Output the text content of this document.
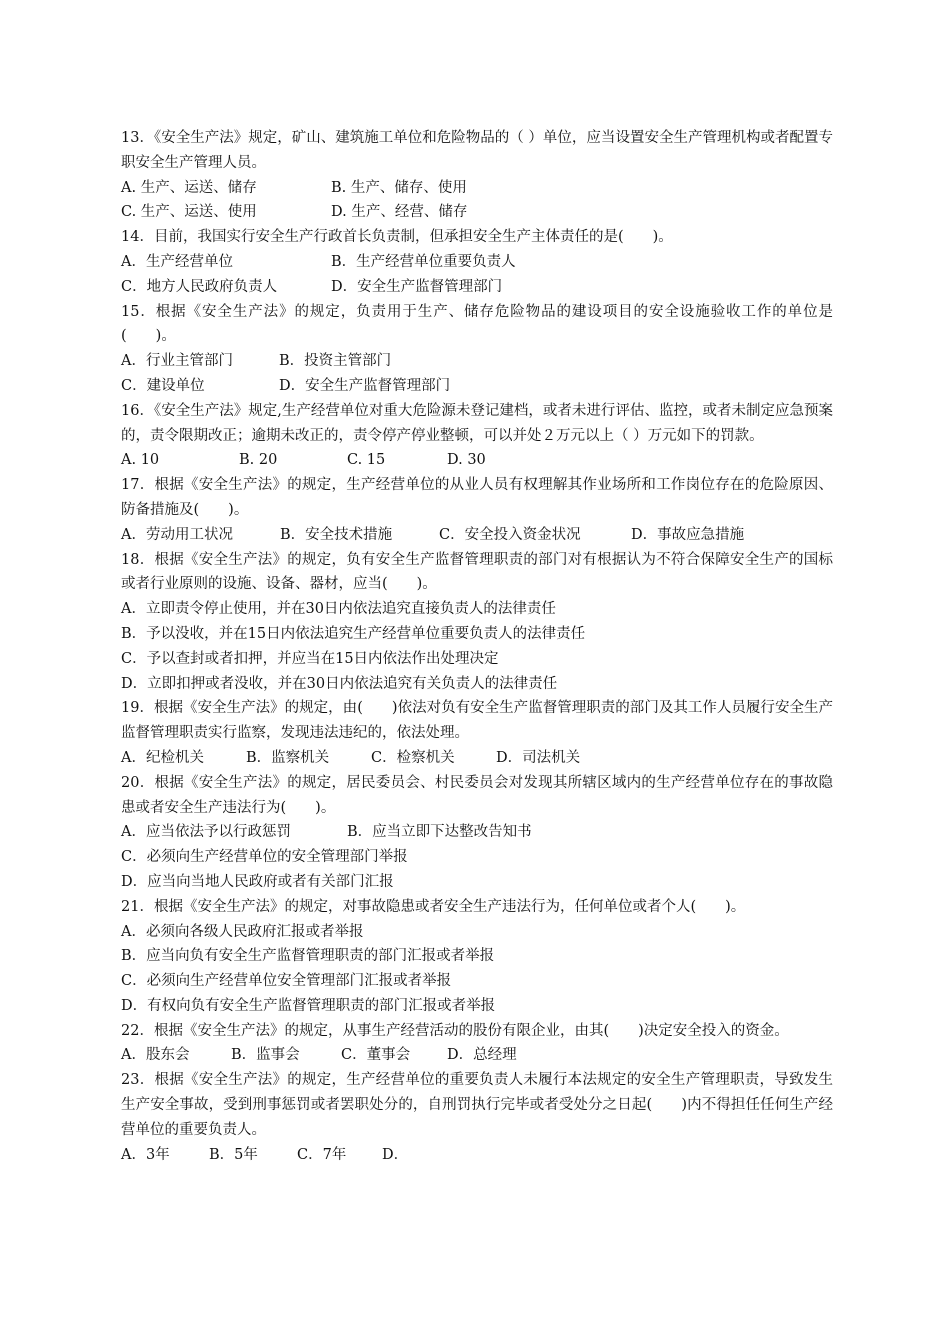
13．《安全生产法》规定，矿山、建筑施工单位和危险物品的（ ）单位，应当设置安全生产管理机构或者配置专职安全生产管理人员。

A. 生产、运送、储存	B. 生产、储存、使用
C. 生产、运送、使用	D. 生产、经营、储存

14．目前，我国实行安全生产行政首长负责制，但承担安全生产主体责任的是(　　)。

A．生产经营单位	B．生产经营单位重要负责人
C．地方人民政府负责人	D．安全生产监督管理部门

15．根据《安全生产法》的规定，负责用于生产、储存危险物品的建设项目的安全设施验收工作的单位是(　　)。

A．行业主管部门	B．投资主管部门
C．建设单位	D．安全生产监督管理部门

16．《安全生产法》规定,生产经营单位对重大危险源未登记建档，或者未进行评估、监控，或者未制定应急预案的，责令限期改正；逾期未改正的，责令停产停业整顿，可以并处２万元以上（ ）万元如下的罚款。

A. 10	B. 20	C. 15	D. 30

17．根据《安全生产法》的规定，生产经营单位的从业人员有权理解其作业场所和工作岗位存在的危险原因、防备措施及(　　)。

A．劳动用工状况	B．安全技术措施	C．安全投入资金状况	D．事故应急措施

18．根据《安全生产法》的规定，负有安全生产监督管理职责的部门对有根据认为不符合保障安全生产的国标或者行业原则的设施、设备、器材，应当(　　)。

A．立即责令停止使用，并在30日内依法追究直接负责人的法律责任
B．予以没收，并在15日内依法追究生产经营单位重要负责人的法律责任
C．予以查封或者扣押，并应当在15日内依法作出处理决定
D．立即扣押或者没收，并在30日内依法追究有关负责人的法律责任

19．根据《安全生产法》的规定，由(　　)依法对负有安全生产监督管理职责的部门及其工作人员履行安全生产监督管理职责实行监察，发现违法违纪的，依法处理。

A．纪检机关	B．监察机关	C．检察机关	D．司法机关

20．根据《安全生产法》的规定，居民委员会、村民委员会对发现其所辖区域内的生产经营单位存在的事故隐患或者安全生产违法行为(　　)。

A．应当依法予以行政惩罚	B．应当立即下达整改告知书
C．必须向生产经营单位的安全管理部门举报
D．应当向当地人民政府或者有关部门汇报

21．根据《安全生产法》的规定，对事故隐患或者安全生产违法行为，任何单位或者个人(　　)。

A．必须向各级人民政府汇报或者举报
B．应当向负有安全生产监督管理职责的部门汇报或者举报
C．必须向生产经营单位安全管理部门汇报或者举报
D．有权向负有安全生产监督管理职责的部门汇报或者举报

22．根据《安全生产法》的规定，从事生产经营活动的股份有限企业，由其(　　)决定安全投入的资金。

A．股东会	B．监事会	C．董事会	D．总经理

23．根据《安全生产法》的规定，生产经营单位的重要负责人未履行本法规定的安全生产管理职责，导致发生生产安全事故，受到刑事惩罚或者罢职处分的，自刑罚执行完毕或者受处分之日起(　　)内不得担任任何生产经营单位的重要负责人。

A．3年	B．5年	C．7年 D．
